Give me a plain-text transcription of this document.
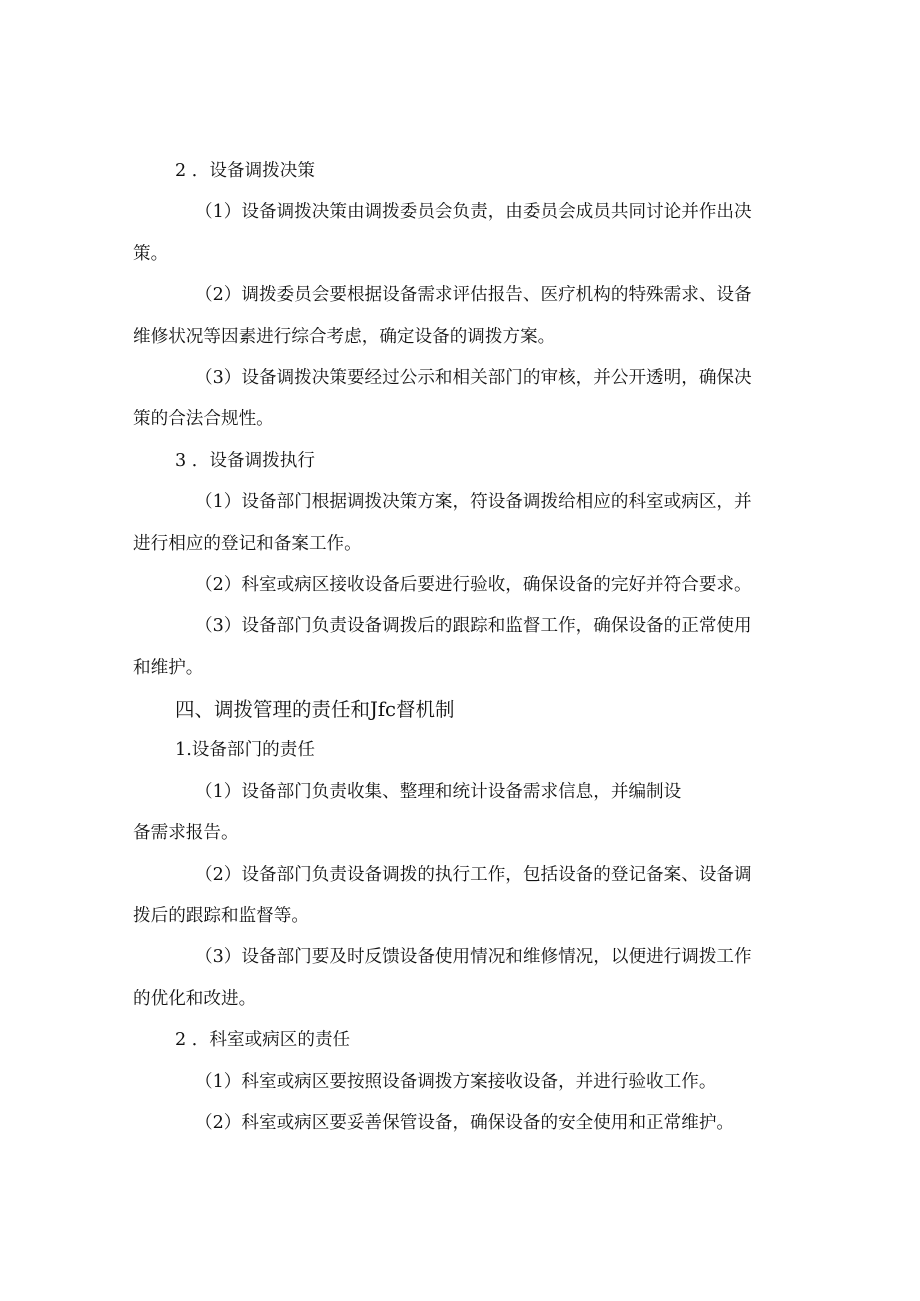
2 ．设备调拨决策
（1）设备调拨决策由调拨委员会负责，由委员会成员共同讨论并作出决
策。
（2）调拨委员会要根据设备需求评估报告、医疗机构的特殊需求、设备
维修状况等因素进行综合考虑，确定设备的调拨方案。
（3）设备调拨决策要经过公示和相关部门的审核，并公开透明，确保决
策的合法合规性。
3 ．设备调拨执行
（1）设备部门根据调拨决策方案，符设备调拨给相应的科室或病区，并
进行相应的登记和备案工作。
（2）科室或病区接收设备后要进行验收，确保设备的完好并符合要求。
（3）设备部门负责设备调拨后的跟踪和监督工作，确保设备的正常使用
和维护。
四、调拨管理的责任和Jfc督机制
1.设备部门的责任
（1）设备部门负责收集、整理和统计设备需求信息，并编制设
备需求报告。
（2）设备部门负责设备调拨的执行工作，包括设备的登记备案、设备调
拨后的跟踪和监督等。
（3）设备部门要及时反馈设备使用情况和维修情况，以便进行调拨工作
的优化和改进。
2 ．科室或病区的责任
（1）科室或病区要按照设备调拨方案接收设备，并进行验收工作。
（2）科室或病区要妥善保管设备，确保设备的安全使用和正常维护。
